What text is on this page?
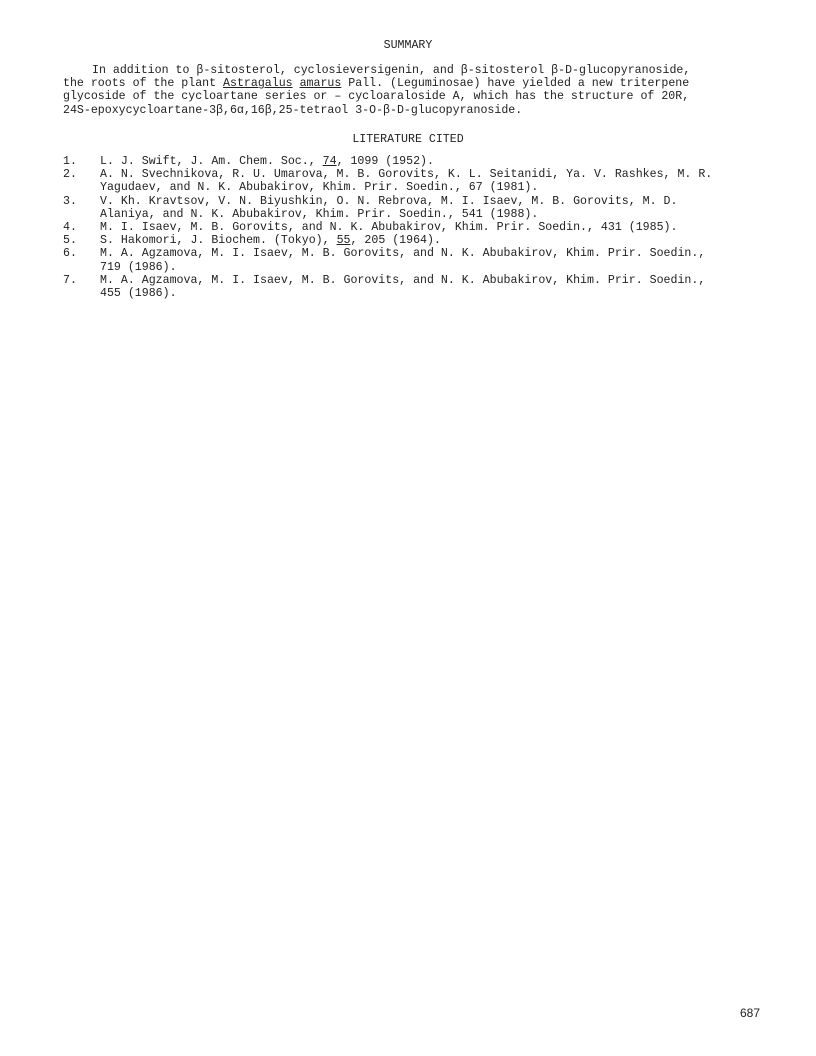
SUMMARY
In addition to β-sitosterol, cyclosieversigenin, and β-sitosterol β-D-glucopyranoside,
the roots of the plant Astragalus amarus Pall. (Leguminosae) have yielded a new triterpene
glycoside of the cycloartane series or – cycloaraloside A, which has the structure of 20R,
24S-epoxycycloartane-3β,6α,16β,25-tetraol 3-O-β-D-glucopyranoside.
LITERATURE CITED
1. L. J. Swift, J. Am. Chem. Soc., 74, 1099 (1952).
2. A. N. Svechnikova, R. U. Umarova, M. B. Gorovits, K. L. Seitanidi, Ya. V. Rashkes, M. R.
Yagudaev, and N. K. Abubakirov, Khim. Prir. Soedin., 67 (1981).
3. V. Kh. Kravtsov, V. N. Biyushkin, O. N. Rebrova, M. I. Isaev, M. B. Gorovits, M. D.
Alaniya, and N. K. Abubakirov, Khim. Prir. Soedin., 541 (1988).
4. M. I. Isaev, M. B. Gorovits, and N. K. Abubakirov, Khim. Prir. Soedin., 431 (1985).
5. S. Hakomori, J. Biochem. (Tokyo), 55, 205 (1964).
6. M. A. Agzamova, M. I. Isaev, M. B. Gorovits, and N. K. Abubakirov, Khim. Prir. Soedin.,
719 (1986).
7. M. A. Agzamova, M. I. Isaev, M. B. Gorovits, and N. K. Abubakirov, Khim. Prir. Soedin.,
455 (1986).
687
